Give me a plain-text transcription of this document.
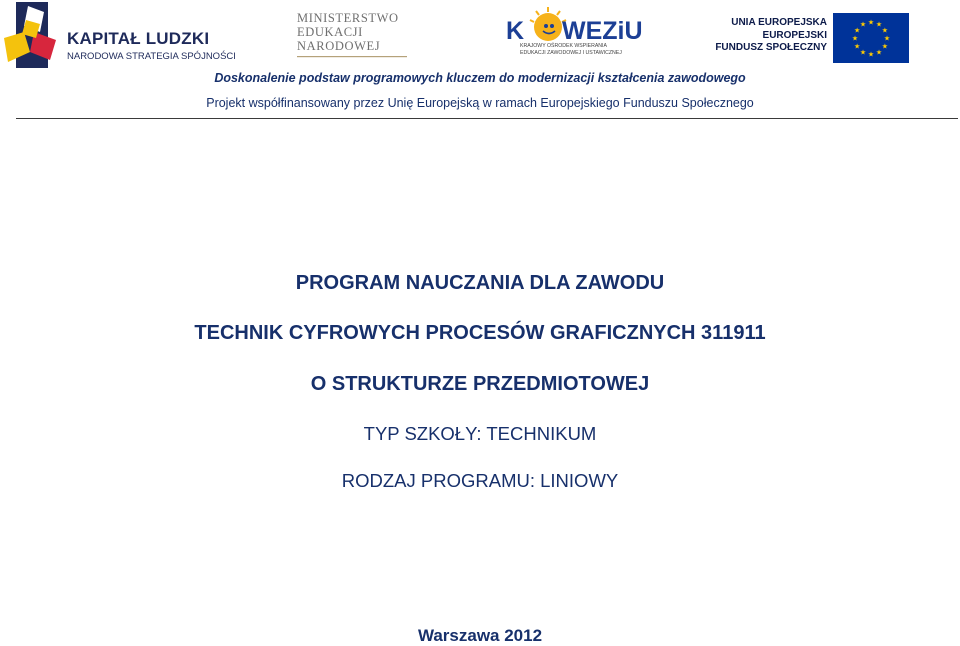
KAPITAŁ LUDZKI
NARODOWA STRATEGIA SPÓJNOŚCI
MINISTERSTWO
EDUKACJI
NARODOWEJ
K WEZiU
KRAJOWY OŚRODEK WSPIERANIA
EDUKACJI ZAWODOWEJ I USTAWICZNEJ
UNIA EUROPEJSKA
EUROPEJSKI
FUNDUSZ SPOŁECZNY
★ ★
★
★
★
★
★
★
★
★
★
★
Doskonalenie podstaw programowych kluczem do modernizacji kształcenia zawodowego
Projekt współfinansowany przez Unię Europejską w ramach Europejskiego Funduszu Społecznego
PROGRAM NAUCZANIA DLA ZAWODU
TECHNIK CYFROWYCH PROCESÓW GRAFICZNYCH 311911
O STRUKTURZE PRZEDMIOTOWEJ
TYP SZKOŁY: TECHNIKUM
RODZAJ PROGRAMU: LINIOWY
Warszawa 2012
